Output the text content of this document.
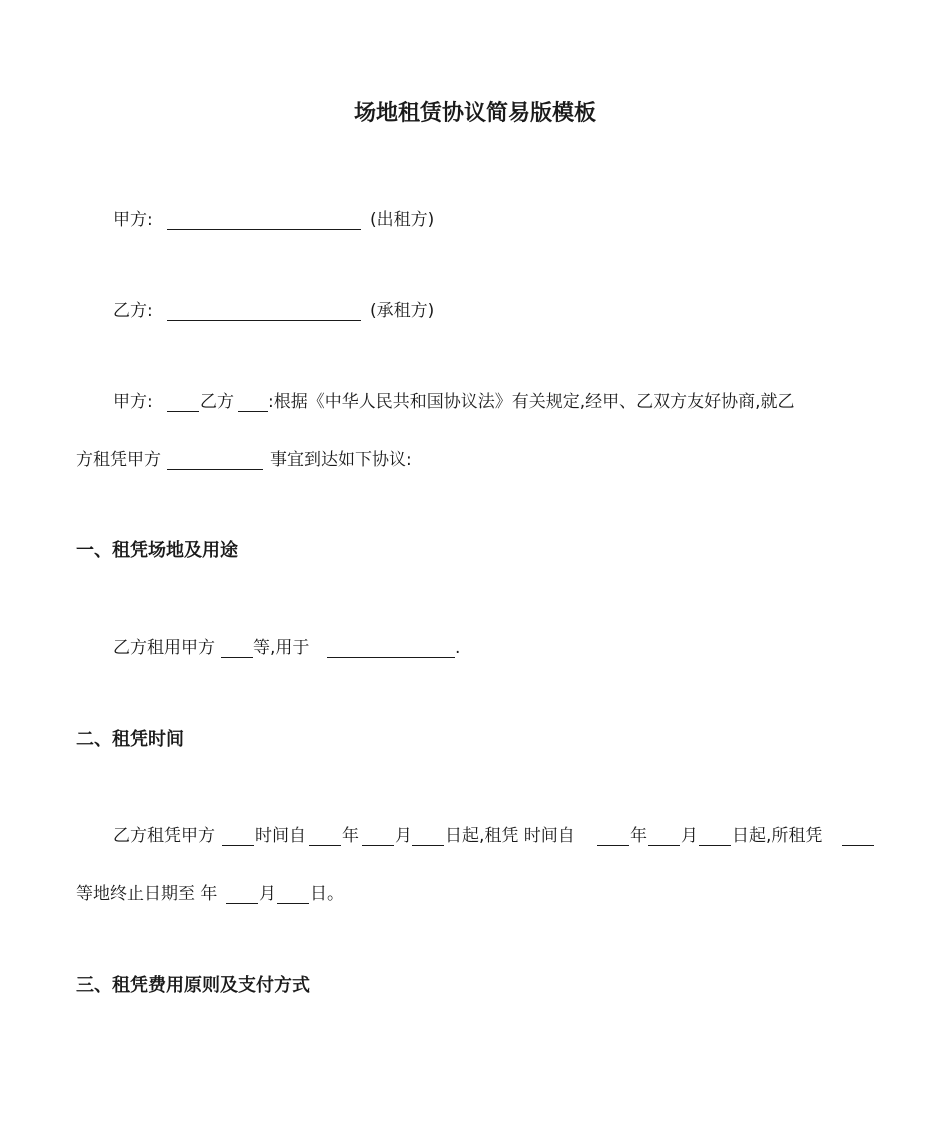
场地租赁协议简易版模板
甲方:	(出租方)
乙方:	(承租方)
甲方:	乙方 :根据《中华人民共和国协议法》有关规定,经甲、乙双方友好协商,就乙
方租凭甲方	事宜到达如下协议:
一、租凭场地及用途
乙方租用甲方 等,用于	.
二、租凭时间
乙方租凭甲方 时间自 年 月 日起,租凭 时间自	年 月 日起,所租凭
等地终止日期至 年 月 日。
三、租凭费用原则及支付方式
